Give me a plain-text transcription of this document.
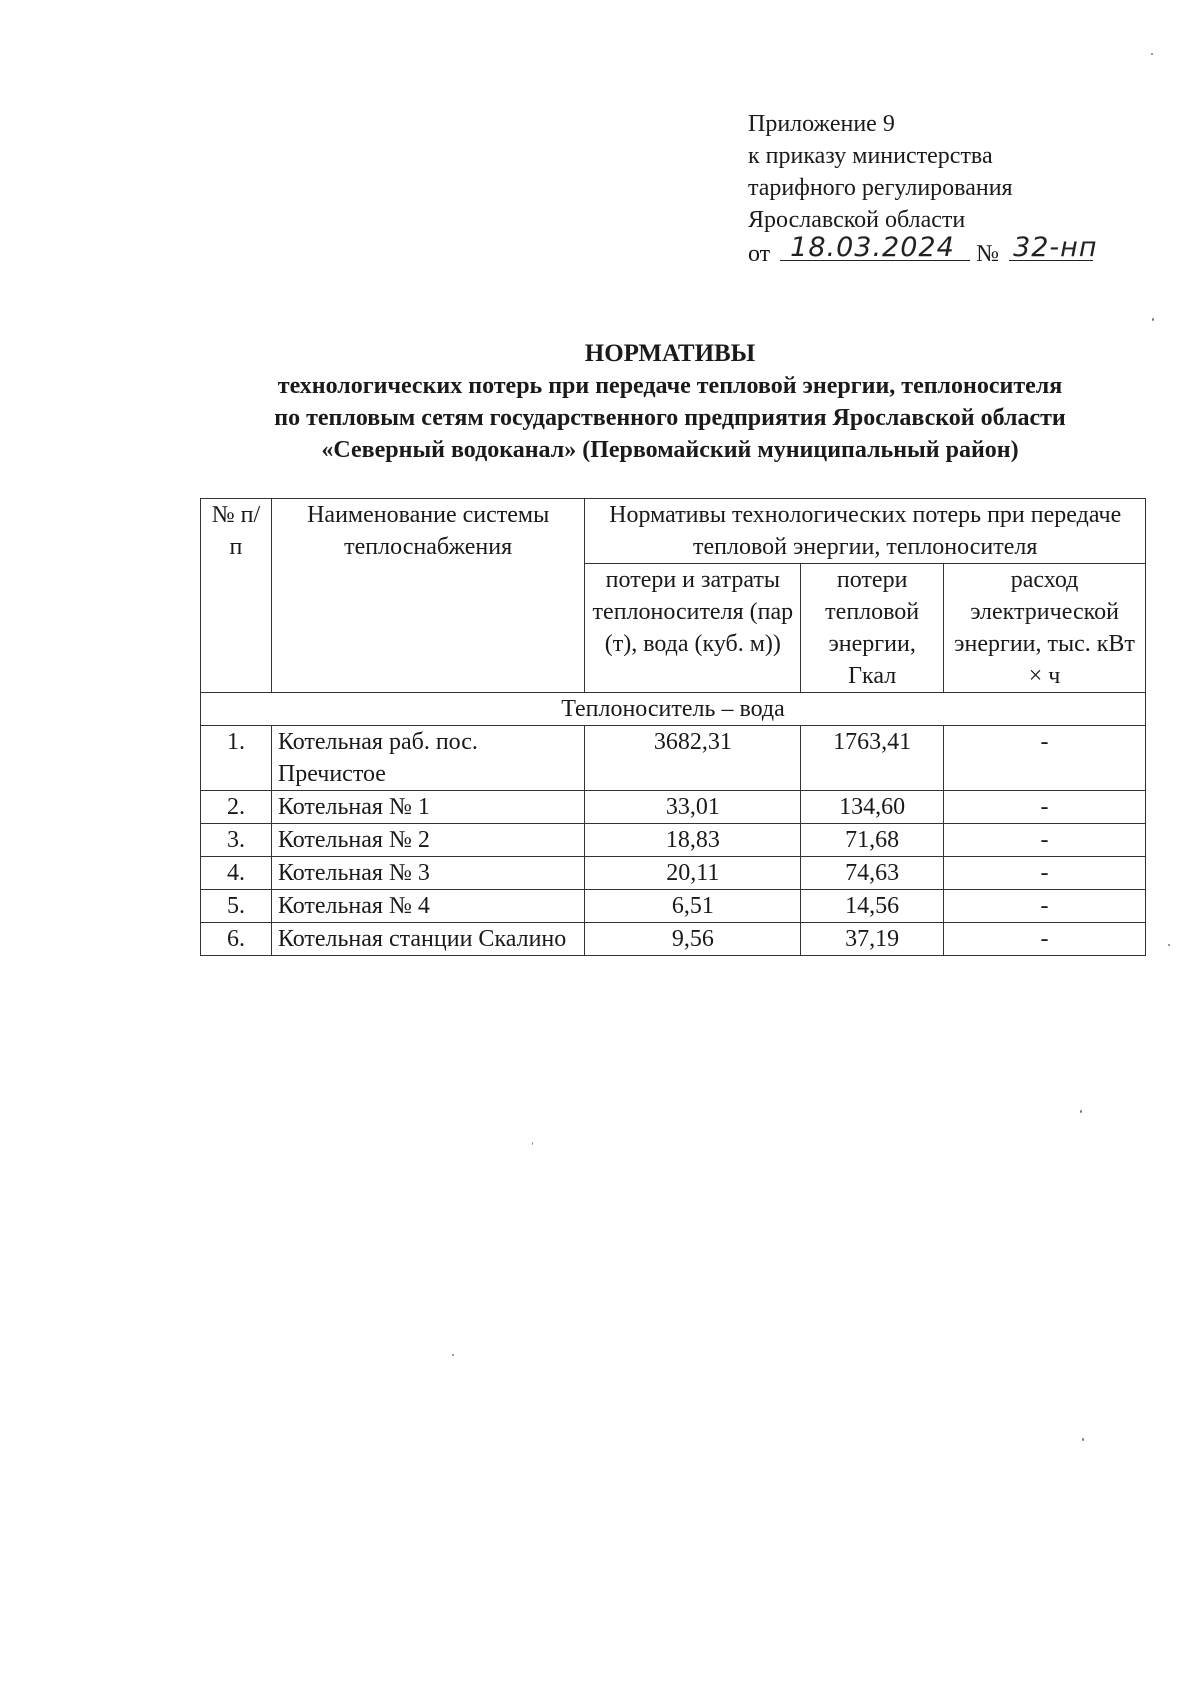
Приложение 9
к приказу министерства
тарифного регулирования
Ярославской области
от 18.03.2024 № 32-нп
НОРМАТИВЫ
технологических потерь при передаче тепловой энергии, теплоносителя
по тепловым сетям государственного предприятия Ярославской области
«Северный водоканал» (Первомайский муниципальный район)
№ п/п	Наименование системы теплоснабжения	Нормативы технологических потерь при передаче тепловой энергии, теплоносителя		
		потери и затраты теплоносителя (пар (т), вода (куб. м))	потери тепловой энергии, Гкал	расход электрической энергии, тыс. кВт × ч
Теплоноситель – вода				
1.	Котельная раб. пос. Пречистое	3682,31	1763,41	-
2.	Котельная № 1	33,01	134,60	-
3.	Котельная № 2	18,83	71,68	-
4.	Котельная № 3	20,11	74,63	-
5.	Котельная № 4	6,51	14,56	-
6.	Котельная станции Скалино	9,56	37,19	-
